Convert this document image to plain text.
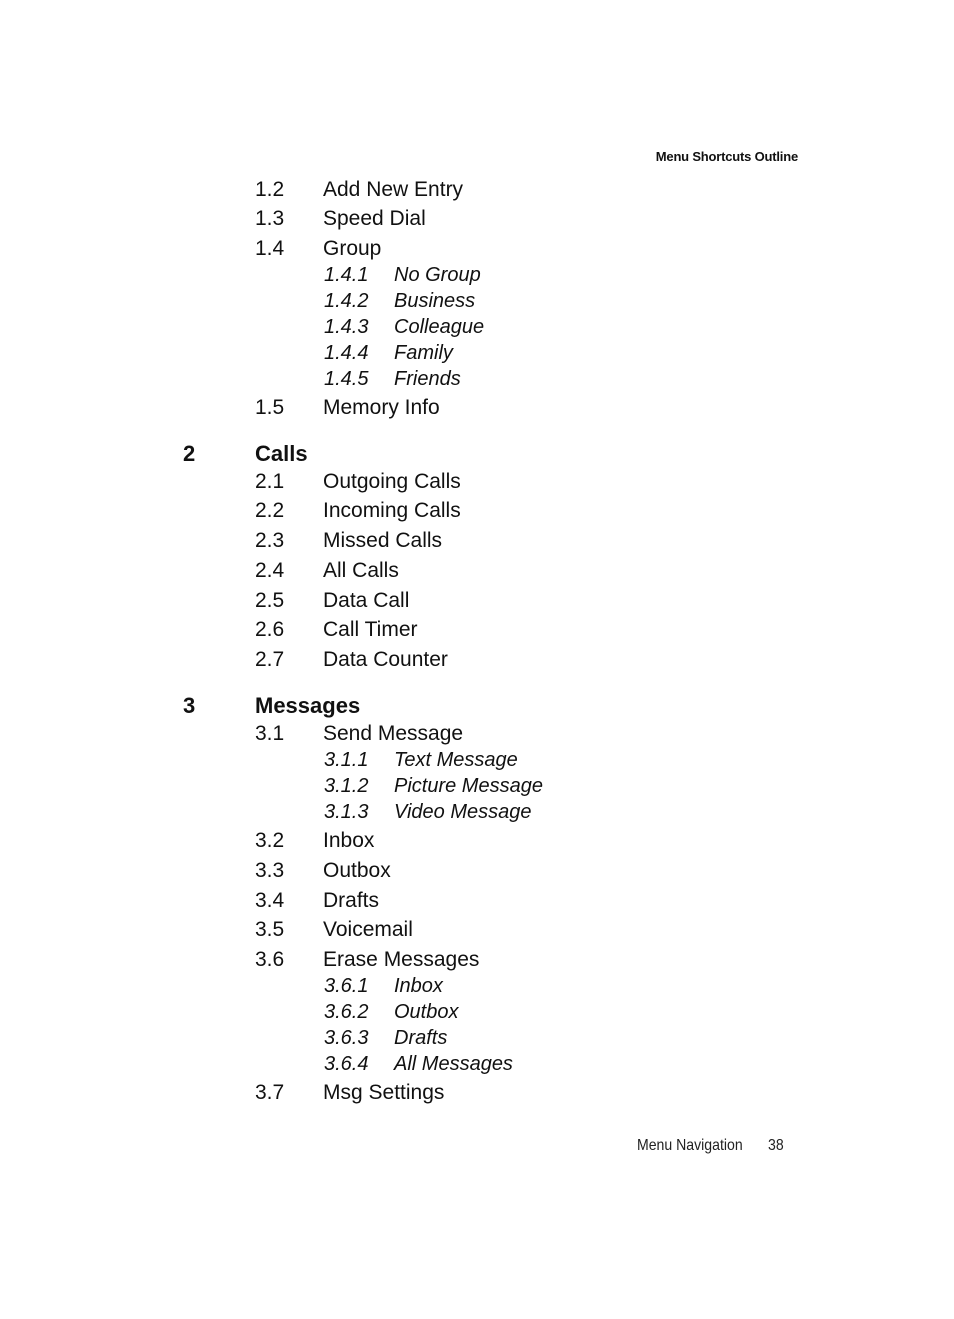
Menu Shortcuts Outline
1.2 Add New Entry
1.3 Speed Dial
1.4 Group
1.4.1 No Group
1.4.2 Business
1.4.3 Colleague
1.4.4 Family
1.4.5 Friends
1.5 Memory Info
2	Calls
2.1 Outgoing Calls
2.2 Incoming Calls
2.3 Missed Calls
2.4 All Calls
2.5 Data Call
2.6 Call Timer
2.7 Data Counter
3	Messages
3.1 Send Message
3.1.1 Text Message
3.1.2 Picture Message
3.1.3 Video Message
3.2 Inbox
3.3 Outbox
3.4 Drafts
3.5 Voicemail
3.6 Erase Messages
3.6.1 Inbox
3.6.2 Outbox
3.6.3 Drafts
3.6.4 All Messages
3.7 Msg Settings
Menu Navigation 38
